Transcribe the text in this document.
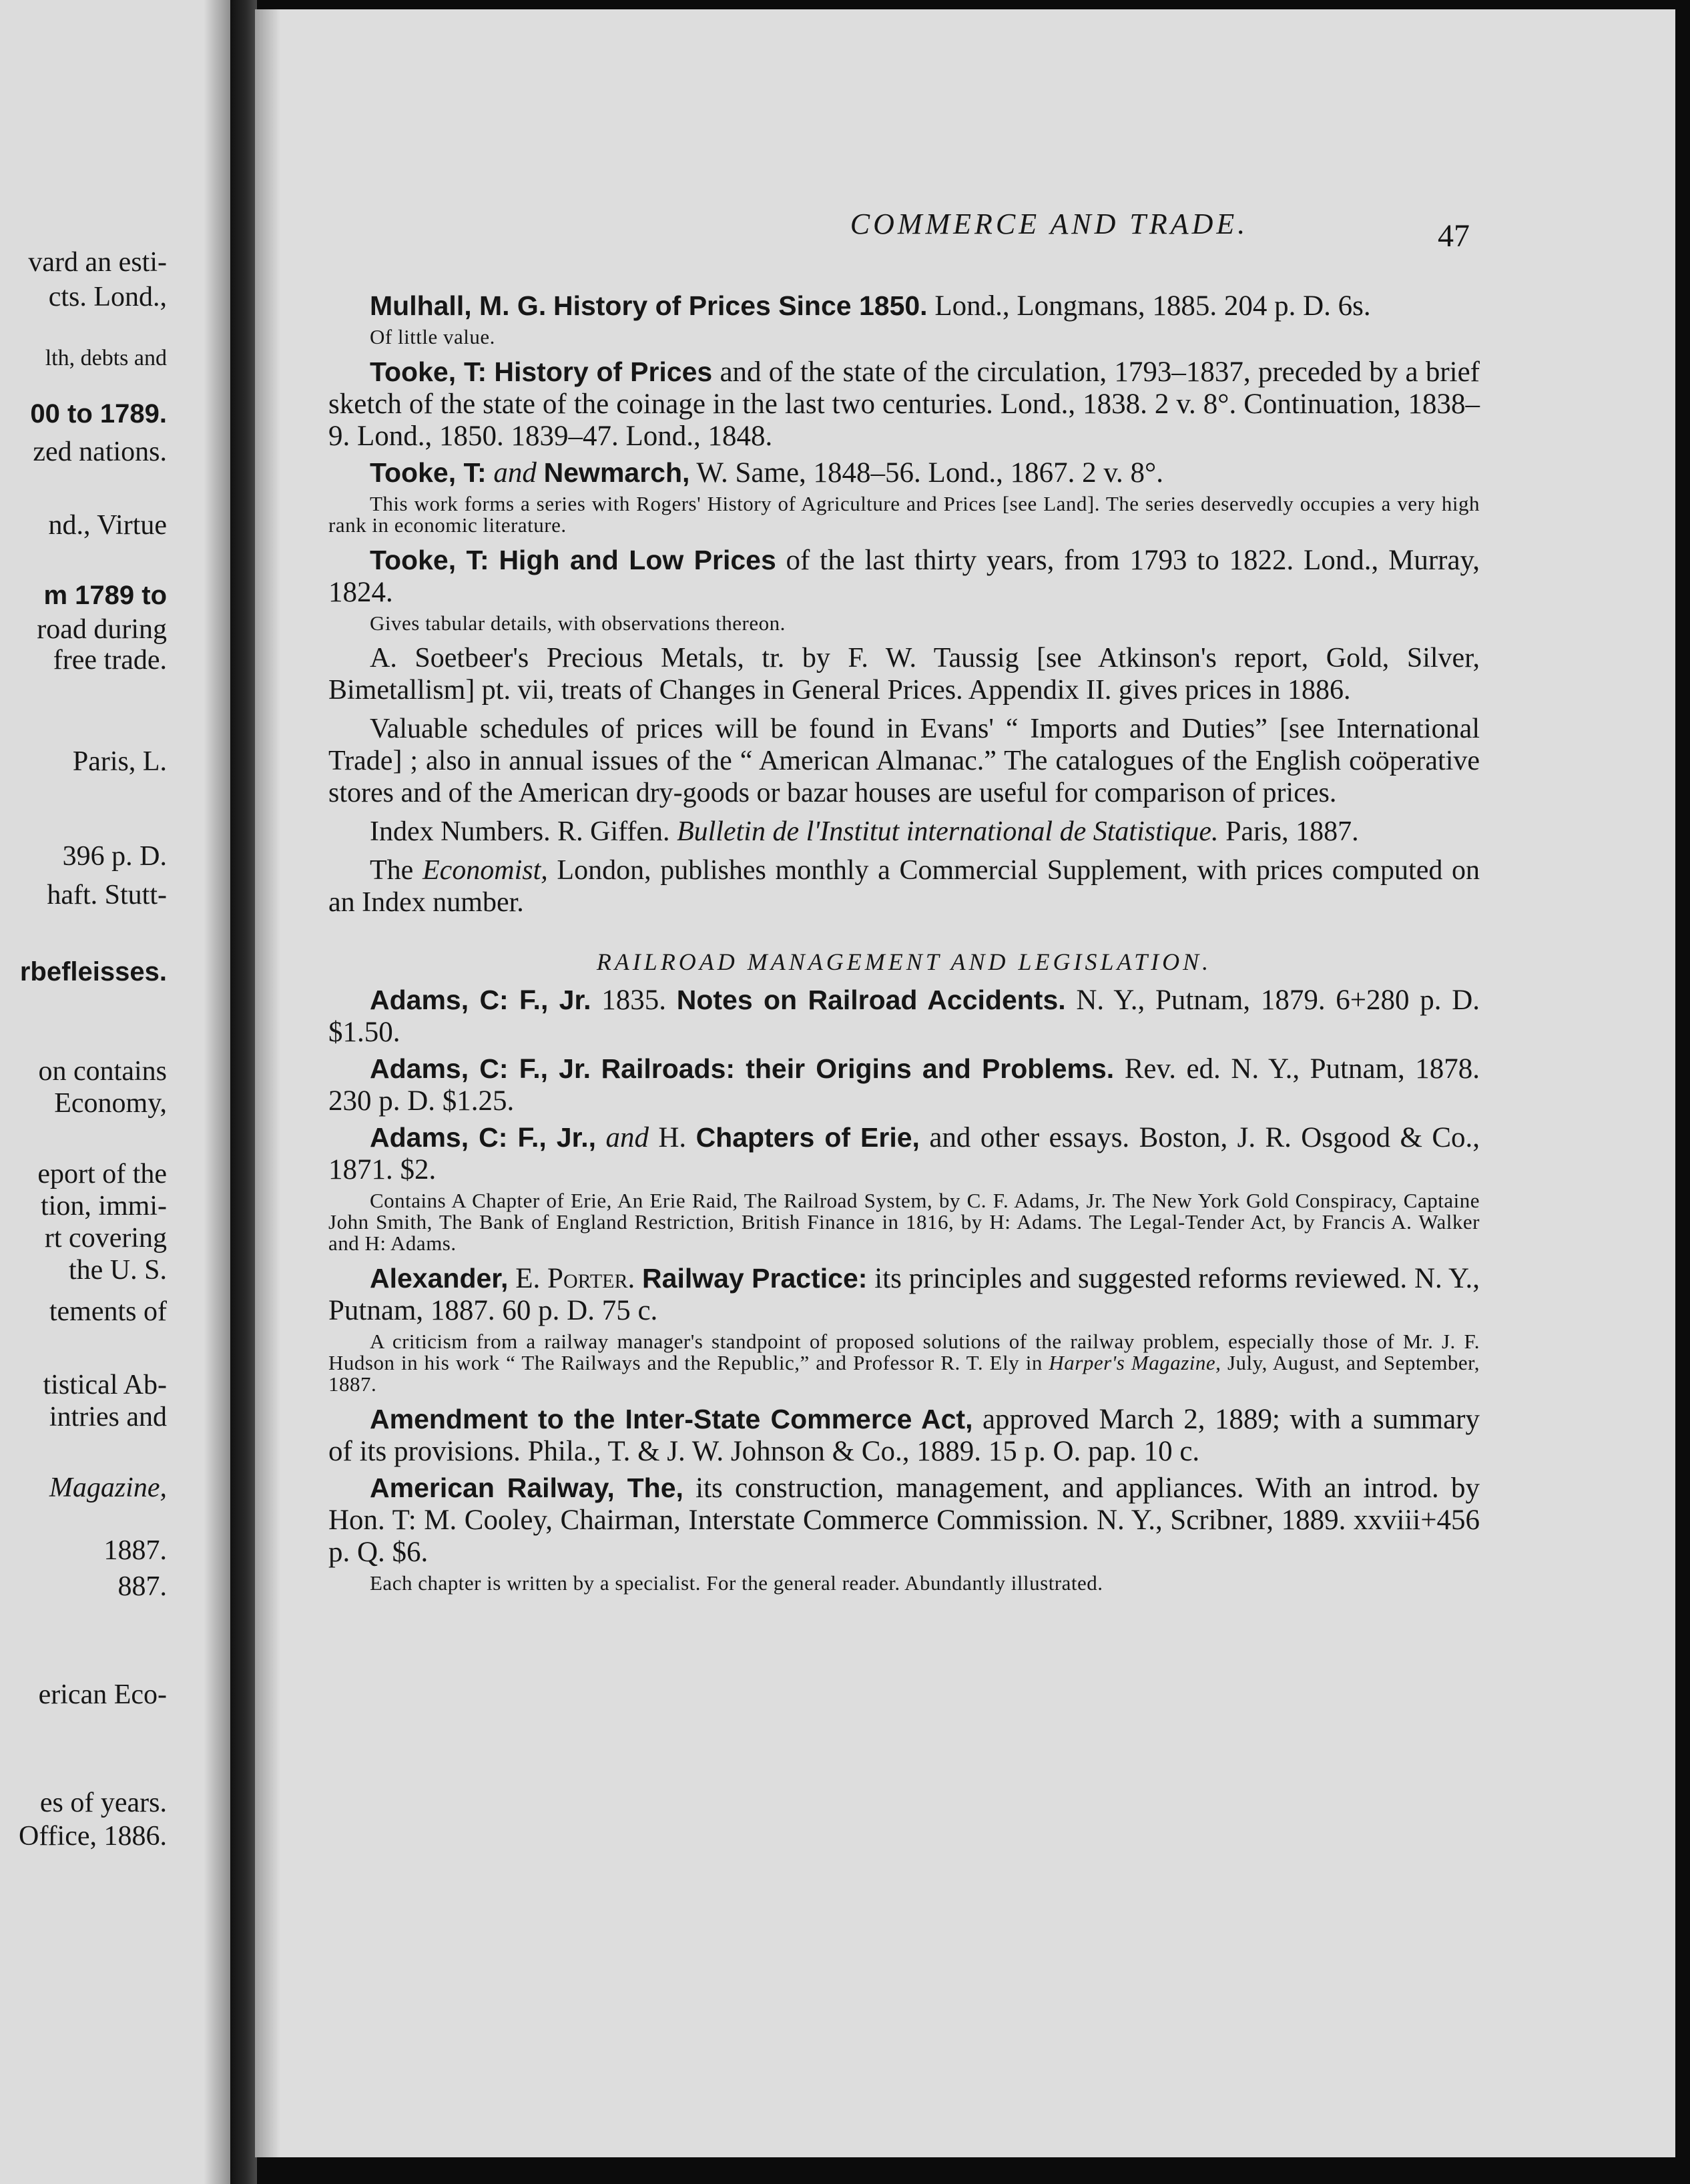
vard an esti-
cts. Lond.,
lth, debts and
00 to 1789.
zed nations.
nd., Virtue
m 1789 to
road during
free trade.
Paris, L.
396 p. D.
haft. Stutt-
rbefleisses.
on contains
Economy,
eport of the
tion, immi-
rt covering
the U. S.
tements of
tistical Ab-
intries and
Magazine,
1887.
887.
erican Eco-
es of years.
Office, 1886.
COMMERCE AND TRADE.	47

Mulhall, M. G. History of Prices Since 1850. Lond., Longmans, 1885. 204 p. D. 6s.

Of little value.

Tooke, T: History of Prices and of the state of the circulation, 1793–1837, preceded by a brief sketch of the state of the coinage in the last two centuries. Lond., 1838. 2 v. 8°. Continuation, 1838–9. Lond., 1850. 1839–47. Lond., 1848.

Tooke, T: and Newmarch, W. Same, 1848–56. Lond., 1867. 2 v. 8°.

This work forms a series with Rogers' History of Agriculture and Prices [see Land]. The series deservedly occupies a very high rank in economic literature.

Tooke, T: High and Low Prices of the last thirty years, from 1793 to 1822. Lond., Murray, 1824.

Gives tabular details, with observations thereon.

A. Soetbeer's Precious Metals, tr. by F. W. Taussig [see Atkinson's report, Gold, Silver, Bimetallism] pt. vii, treats of Changes in General Prices. Appendix II. gives prices in 1886.

Valuable schedules of prices will be found in Evans' “ Imports and Duties” [see International Trade] ; also in annual issues of the “ American Almanac.” The catalogues of the English coöperative stores and of the American dry-goods or bazar houses are useful for comparison of prices.

Index Numbers. R. Giffen. Bulletin de l'Institut international de Statistique. Paris, 1887.

The Economist, London, publishes monthly a Commercial Supplement, with prices computed on an Index number.

RAILROAD MANAGEMENT AND LEGISLATION.

Adams, C: F., Jr. 1835. Notes on Railroad Accidents. N. Y., Putnam, 1879. 6+280 p. D. $1.50.

Adams, C: F., Jr. Railroads: their Origins and Problems. Rev. ed. N. Y., Putnam, 1878. 230 p. D. $1.25.

Adams, C: F., Jr., and H. Chapters of Erie, and other essays. Boston, J. R. Osgood & Co., 1871. $2.

Contains A Chapter of Erie, An Erie Raid, The Railroad System, by C. F. Adams, Jr. The New York Gold Conspiracy, Captaine John Smith, The Bank of England Restriction, British Finance in 1816, by H: Adams. The Legal-Tender Act, by Francis A. Walker and H: Adams.

Alexander, E. Porter. Railway Practice: its principles and suggested reforms reviewed. N. Y., Putnam, 1887. 60 p. D. 75 c.

A criticism from a railway manager's standpoint of proposed solutions of the railway problem, especially those of Mr. J. F. Hudson in his work “ The Railways and the Republic,” and Professor R. T. Ely in Harper's Magazine, July, August, and September, 1887.

Amendment to the Inter-State Commerce Act, approved March 2, 1889; with a summary of its provisions. Phila., T. & J. W. Johnson & Co., 1889. 15 p. O. pap. 10 c.

American Railway, The, its construction, management, and appliances. With an introd. by Hon. T: M. Cooley, Chairman, Interstate Commerce Commission. N. Y., Scribner, 1889. xxviii+456 p. Q. $6.

Each chapter is written by a specialist. For the general reader. Abundantly illustrated.
